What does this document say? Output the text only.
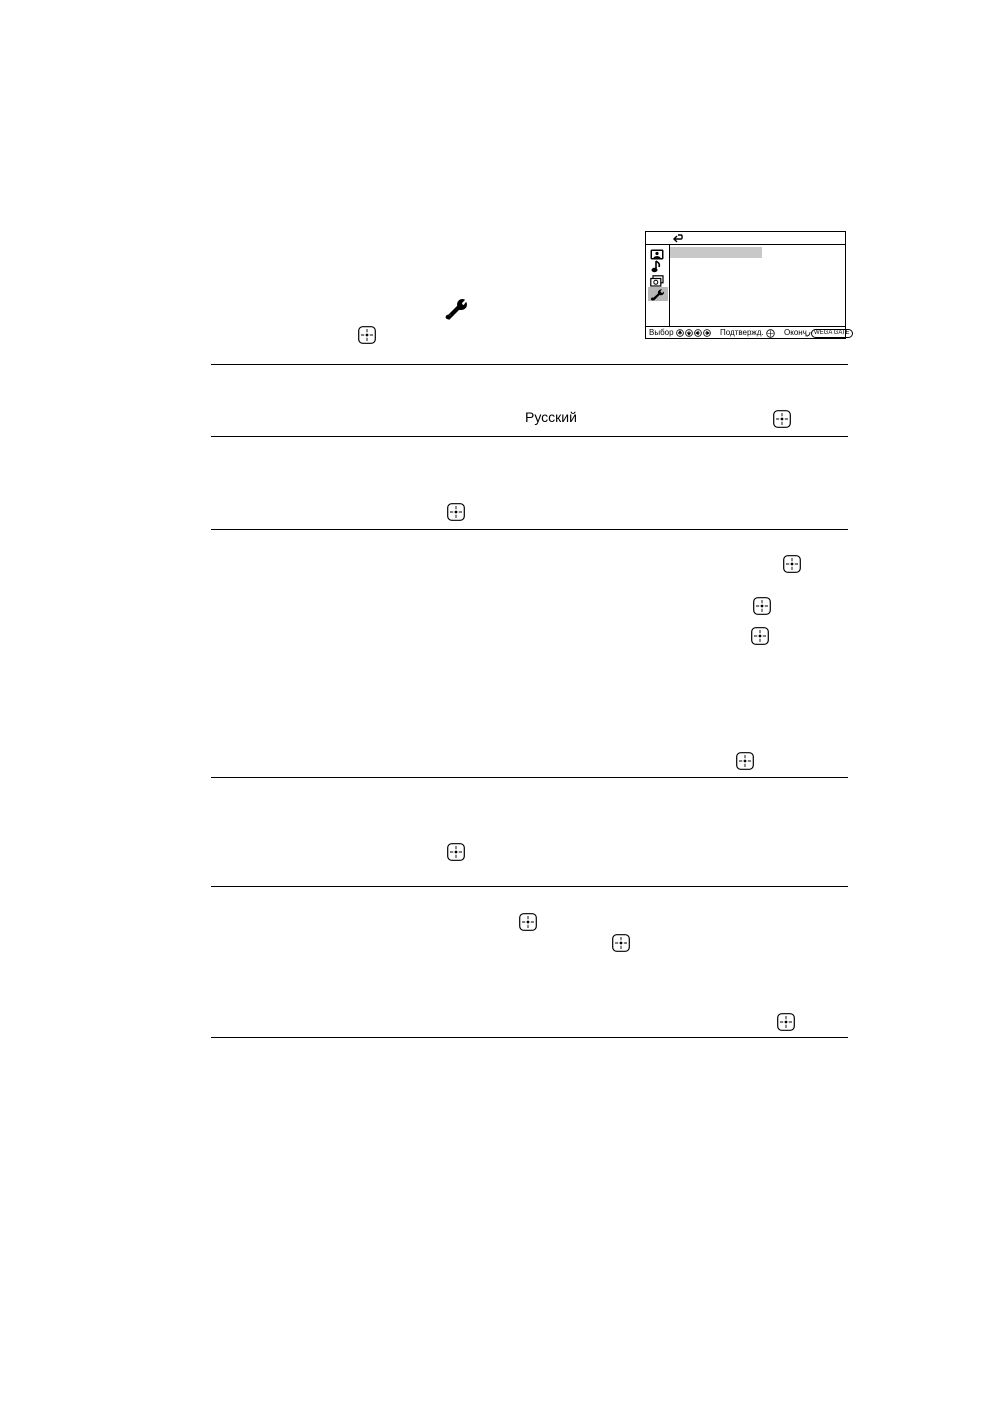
Выбор	Подтвержд.	Оконч	WEGA GATE
Русский
